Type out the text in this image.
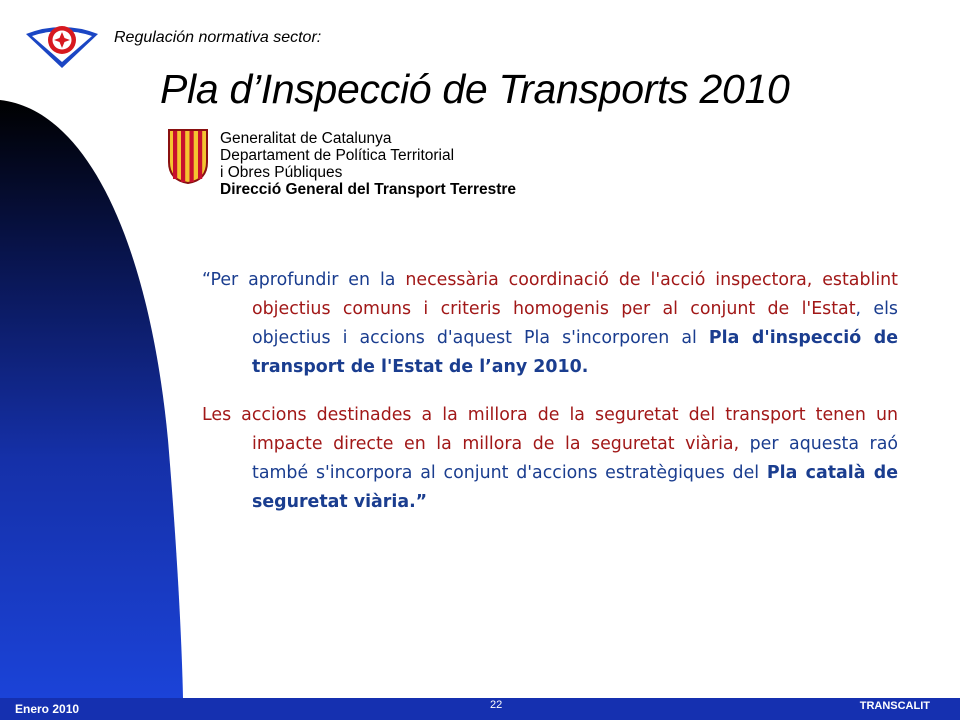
Regulación normativa sector:
Pla d’Inspecció de Transports 2010
Generalitat de Catalunya
Departament de Política Territorial
i Obres Públiques
Direcció General del Transport Terrestre

“Per aprofundir en la necessària coordinació de l'acció inspectora, establint objectius comuns i criteris homogenis per al conjunt de l'Estat, els objectius i accions d'aquest Pla s'incorporen al Pla d'inspecció de transport de l'Estat de l’any 2010.

Les accions destinades a la millora de la seguretat del transport tenen un impacte directe en la millora de la seguretat viària, per aquesta raó també s'incorpora al conjunt d'accions estratègiques del Pla català de seguretat viària.”

Enero 2010	22	TRANSCALIT
